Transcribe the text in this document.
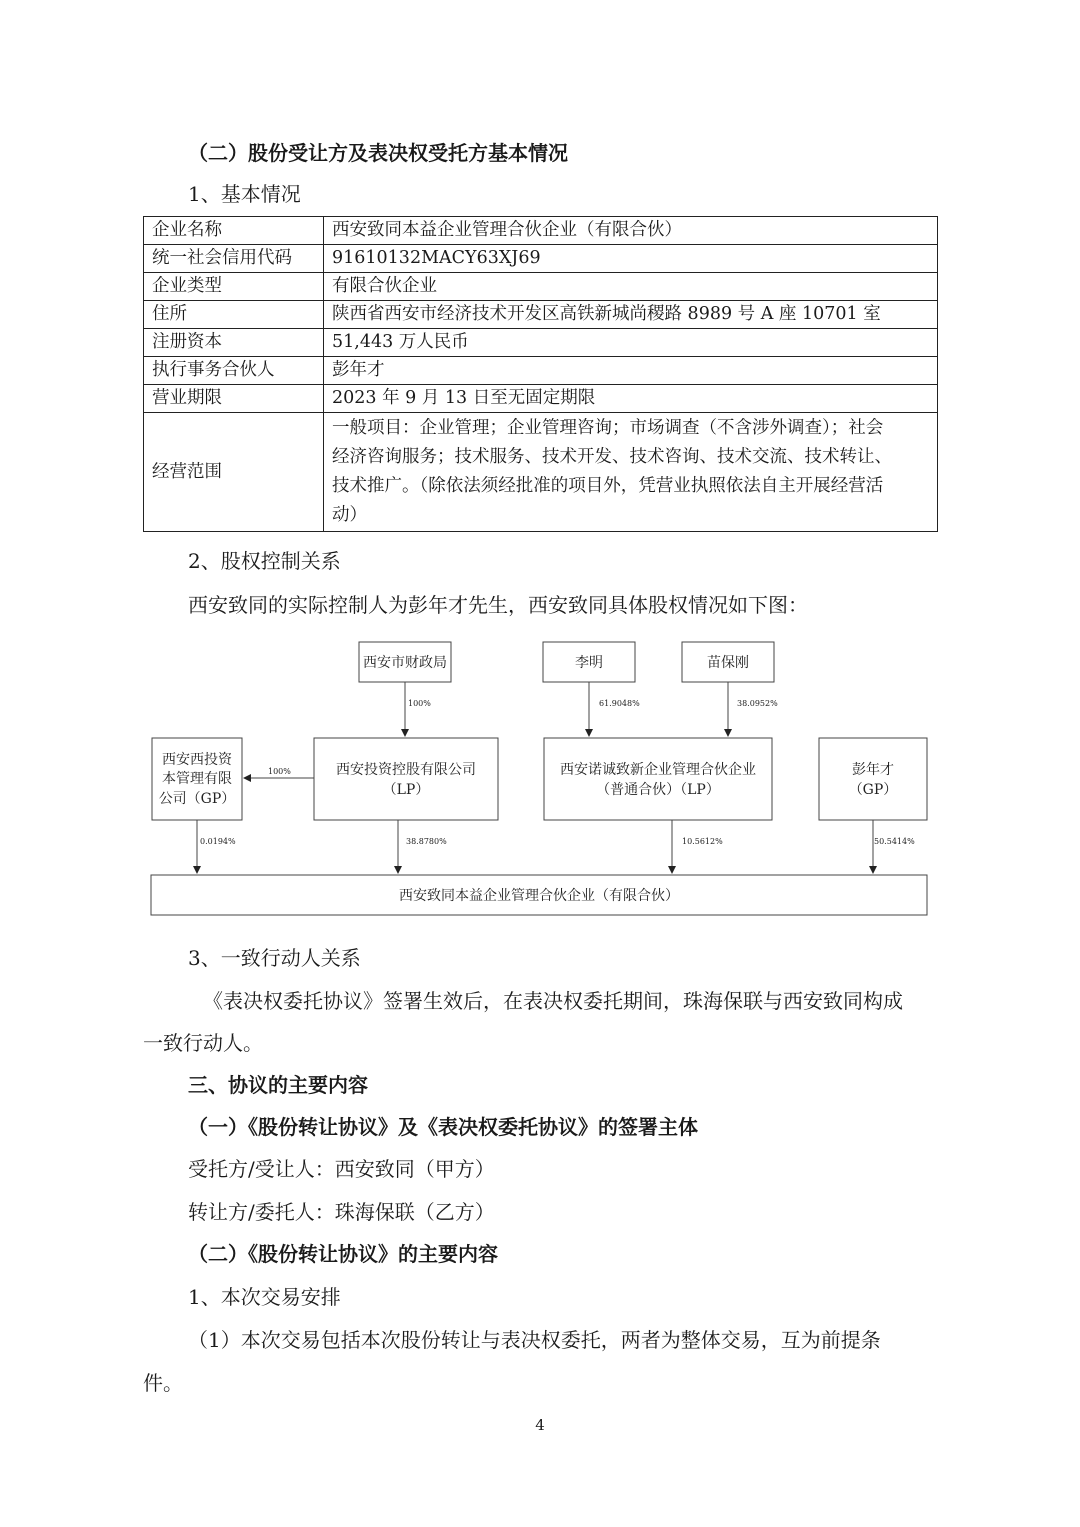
（二）股份受让方及表决权受托方基本情况
1、基本情况
企业名称	西安致同本益企业管理合伙企业（有限合伙）
统一社会信用代码	91610132MACY63XJ69
企业类型	有限合伙企业
住所	陕西省西安市经济技术开发区高铁新城尚稷路 8989 号 A 座 10701 室
注册资本	51,443 万人民币
执行事务合伙人	彭年才
营业期限	2023 年 9 月 13 日至无固定期限
经营范围	一般项目：企业管理；企业管理咨询；市场调查（不含涉外调查）；社会
经济咨询服务；技术服务、技术开发、技术咨询、技术交流、技术转让、
技术推广。（除依法须经批准的项目外，凭营业执照依法自主开展经营活
动）
2、股权控制关系
西安致同的实际控制人为彭年才先生，西安致同具体股权情况如下图：
西安市财政局	李明	苗保刚
西安西投资
本管理有限
公司（GP）
西安投资控股有限公司
（LP）
西安诺诚致新企业管理合伙企业
（普通合伙）（LP）
彭年才
（GP）
西安致同本益企业管理合伙企业（有限合伙）
100%	61.9048%	38.0952%
100%
0.0194%	38.8780%	10.5612%	50.5414%
3、一致行动人关系
《表决权委托协议》签署生效后，在表决权委托期间，珠海保联与西安致同构成
一致行动人。
三、协议的主要内容
（一）《股份转让协议》及《表决权委托协议》的签署主体
受托方/受让人：西安致同（甲方）
转让方/委托人：珠海保联（乙方）
（二）《股份转让协议》的主要内容
1、本次交易安排
（1）本次交易包括本次股份转让与表决权委托，两者为整体交易，互为前提条
件。
4
